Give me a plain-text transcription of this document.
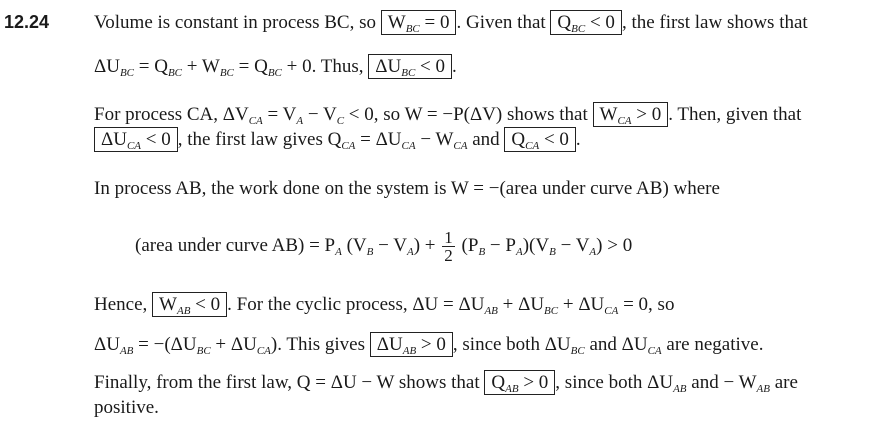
12.24 Volume is constant in process BC, so $W_{BC} = 0$ . Given that $Q_{BC} < 0$ , the first law shows that
$\Delta U_{BC} = Q_{BC} + W_{BC} = Q_{BC} + 0$. Thus, $\Delta U_{BC} < 0$ .
For process CA, $\Delta V_{CA} = V_A - V_C < 0$, so W = −P(ΔV) shows that $W_{CA} > 0$ . Then, given that
$\Delta U_{CA} < 0$ , the first law gives $Q_{CA} = \Delta U_{CA} - W_{CA}$ and $Q_{CA} < 0$ .
In process AB, the work done on the system is W = −(area under curve AB) where
(area under curve $AB) = P_A$ $(V_B - V_A) + \frac{1}{2} (P_B - P_A)(V_B - V_A) > 0$
Hence, $W_{AB} < 0$ . For the cyclic process, $\Delta U = \Delta U_{AB} + \Delta U_{BC} + \Delta U_{CA} = 0$, so
$\Delta U_{AB} = -(\Delta U_{BC} + \Delta U_{CA})$. This gives $\Delta U_{AB} > 0$ , since both $\Delta U_{BC}$ and $\Delta U_{CA}$ are negative.
Finally, from the first law, Q = ΔU − W shows that $Q_{AB} > 0$ , since both $\Delta U_{AB}$ and − $W_{AB}$ are
positive.
